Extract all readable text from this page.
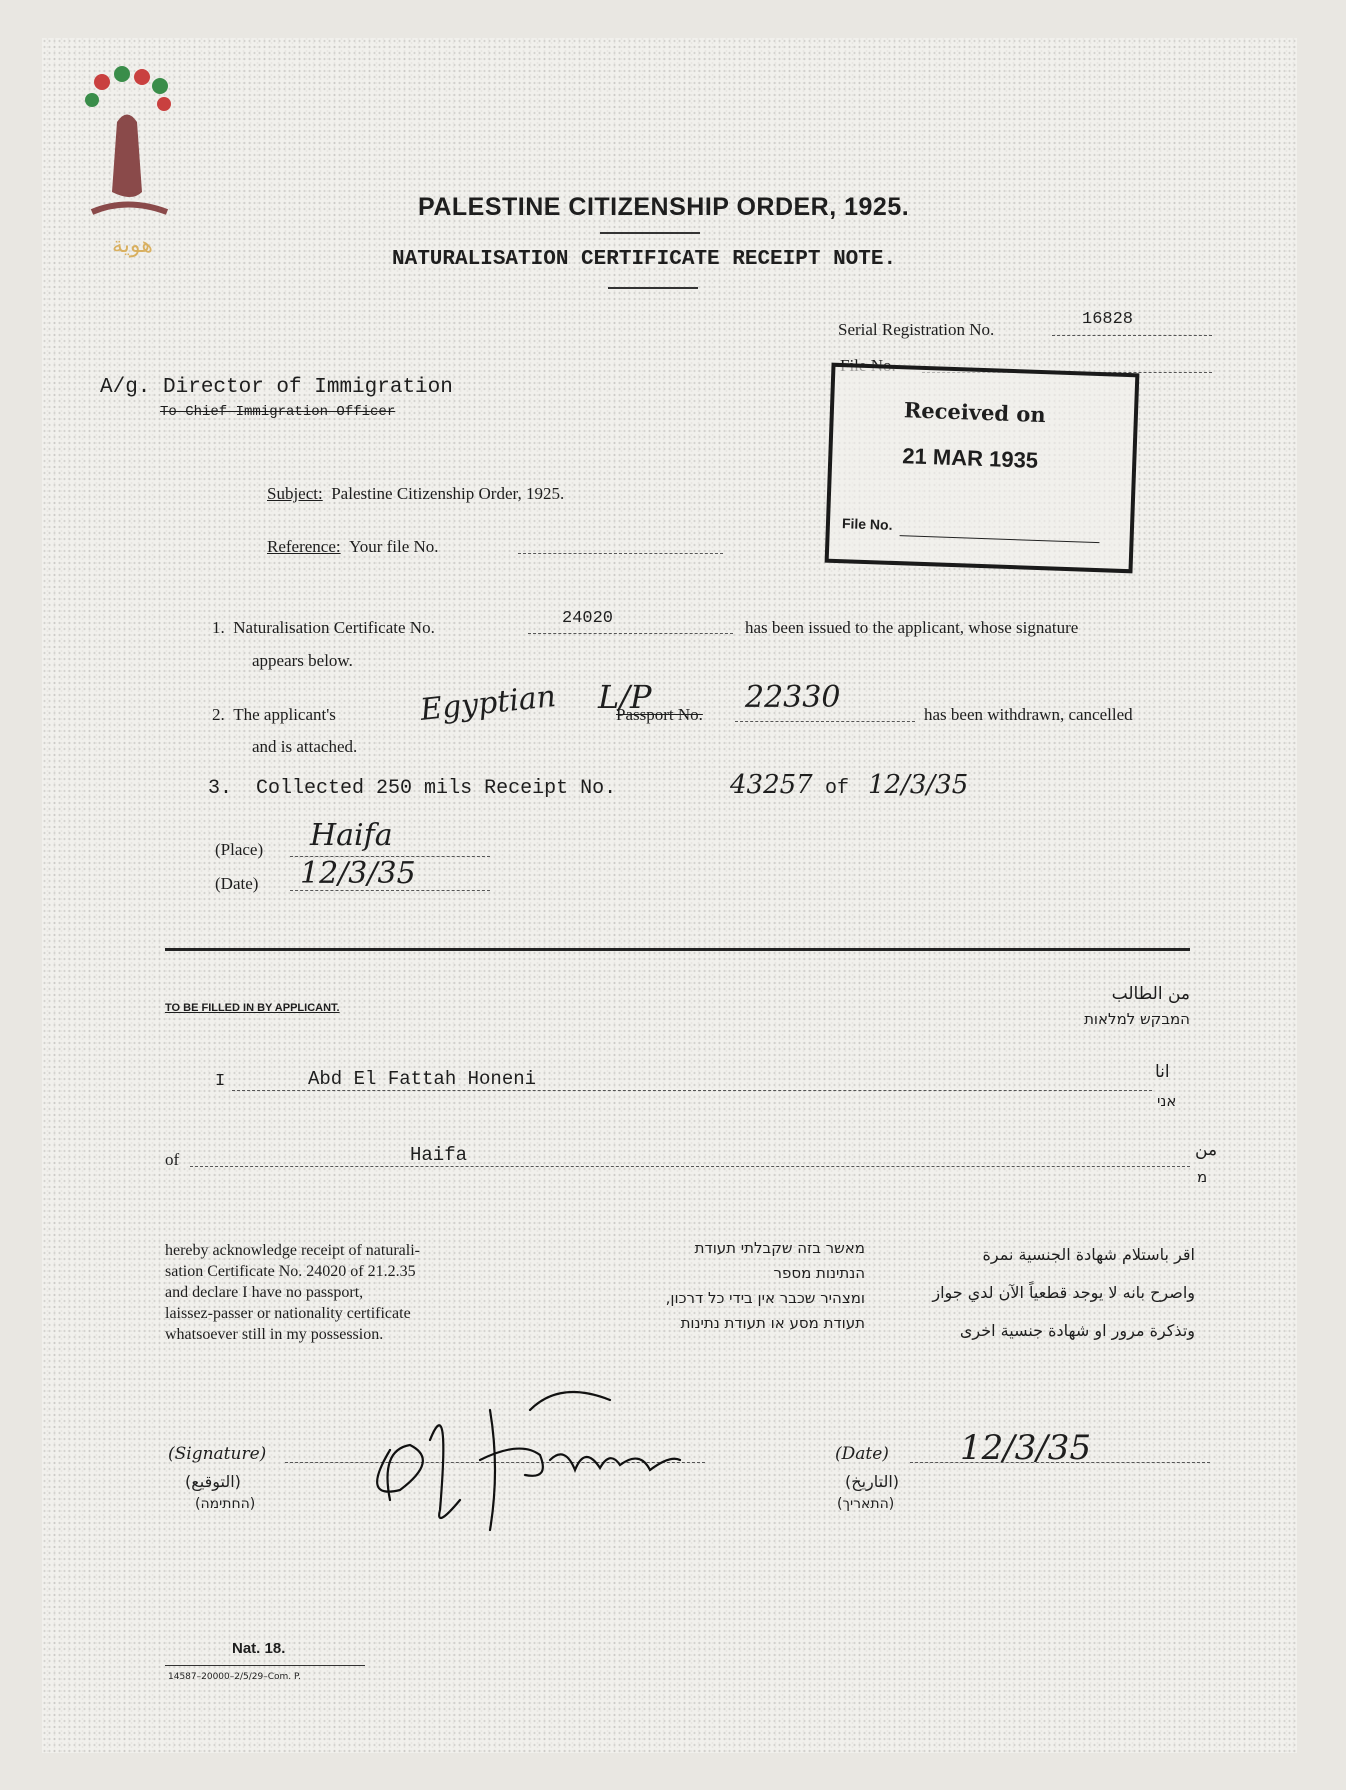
هوية
PALESTINE CITIZENSHIP ORDER, 1925.
NATURALISATION CERTIFICATE RECEIPT NOTE.
Serial Registration No.
16828
A/g. Director of Immigration
To Chief Immigration Officer	Received on
21 MAR 1935
File No.
Subject: Palestine Citizenship Order, 1925.
Reference: Your file No.
1. Naturalisation Certificate No.	24020	has been issued to the applicant, whose signature
appears below.
2. The applicant's	Egyptian L/P
Passport No. 22330	has been withdrawn, cancelled
and is attached.
3. Collected 250 mils Receipt No.	43257 of 12/3/35
(Place) Haifa
(Date) 12/3/35
TO BE FILLED IN BY APPLICANT.
من الطالب
המבקש למלאות
I	Abd El Fattah Honeni	انا
אני
of	Haifa	من
מ
hereby acknowledge receipt of naturali-
sation Certificate No. 24020 of 21.2.35
and declare I have no passport,
laissez-passer or nationality certificate
whatsoever still in my possession.
מאשר בזה שקבלתי תעודת
הנתינות מספר
ומצהיר שכבר אין בידי כל דרכון,
תעודת מסע או תעודת נתינות
اقر باستلام شهادة الجنسية نمرة
واصرح بانه لا يوجد قطعياً الآن لدي جواز
وتذكرة مرور او شهادة جنسية اخرى
(Signature)
(التوقيع)
(החתימה)
(Date)
(التاريخ)
(התאריך)
12/3/35
Nat. 18.
14587–20000–2/5/29–Com. P.
